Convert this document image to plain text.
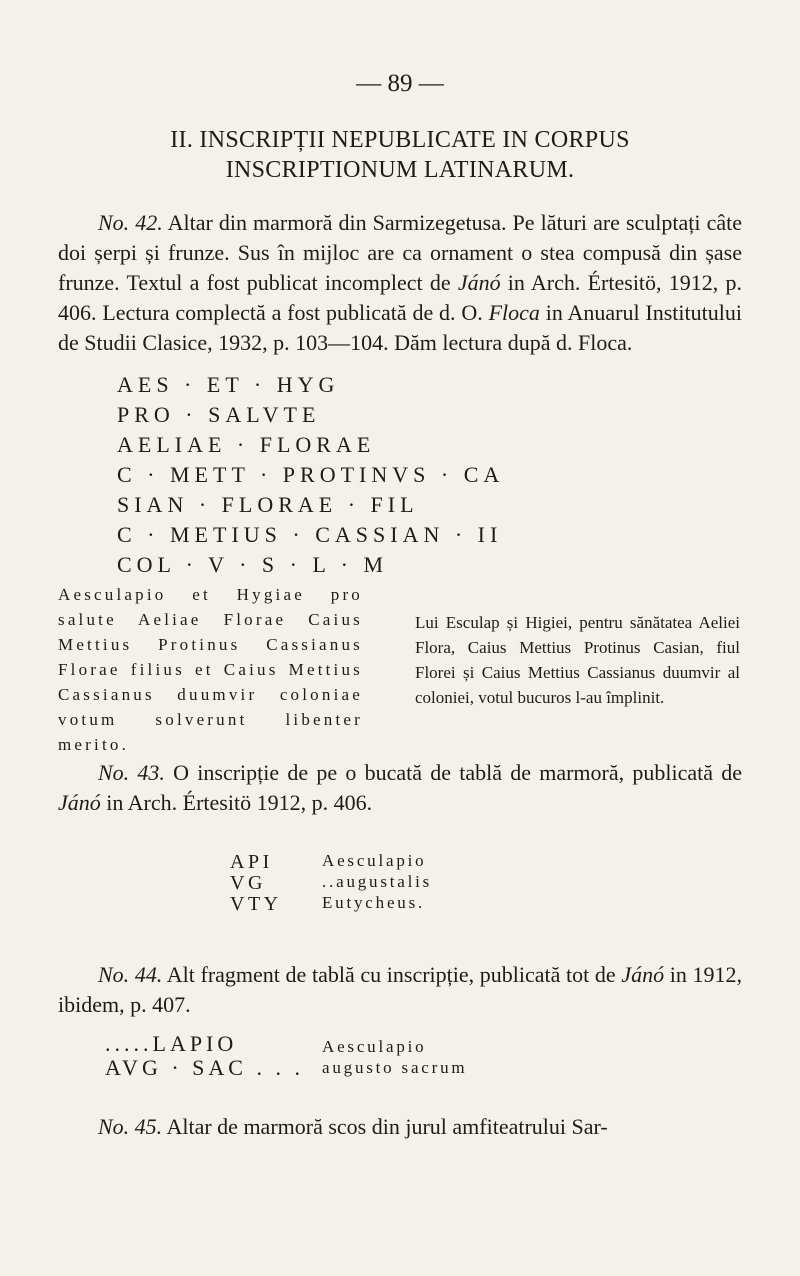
— 89 —
II. INSCRIPȚII NEPUBLICATE IN CORPUS
INSCRIPTIONUM LATINARUM.

No. 42. Altar din marmoră din Sarmizegetusa. Pe lături are sculptați câte doi șerpi și frunze. Sus în mijloc are ca ornament o stea compusă din șase frunze. Textul a fost publicat incomplect de Jánó in Arch. Értesitö, 1912, p. 406. Lectura complectă a fost publicată de d. O. Floca in Anuarul Institutului de Studii Clasice, 1932, p. 103—104. Dăm lectura după d. Floca.

AES · ET · HYG
PRO · SALVTE
AELIAE · FLORAE
C · METT · PROTINVS · CA
SIAN · FLORAE · FIL
C · METIUS · CASSIAN · II
COL · V · S · L · M

Aesculapio et Hygiae pro salute Aeliae Florae Caius Mettius Protinus Cassianus Florae filius et Caius Mettius Cassianus duumvir coloniae votum solverunt libenter merito.

Lui Esculap și Higiei, pentru sănătatea Aeliei Flora, Caius Mettius Protinus Casian, fiul Florei și Caius Mettius Cassianus duumvir al coloniei, votul bucuros l-au împlinit.

No. 43. O inscripție de pe o bucată de tablă de marmoră, publicată de Jánó in Arch. Értesitö 1912, p. 406.

API
VG
VTY
Aesculapio
..augustalis
Eutycheus.

No. 44. Alt fragment de tablă cu inscripție, publicată tot de Jánó in 1912, ibidem, p. 407.

.....LAPIO
AVG · SAC . . .
Aesculapio
augusto sacrum

No. 45. Altar de marmoră scos din jurul amfiteatrului Sar-
